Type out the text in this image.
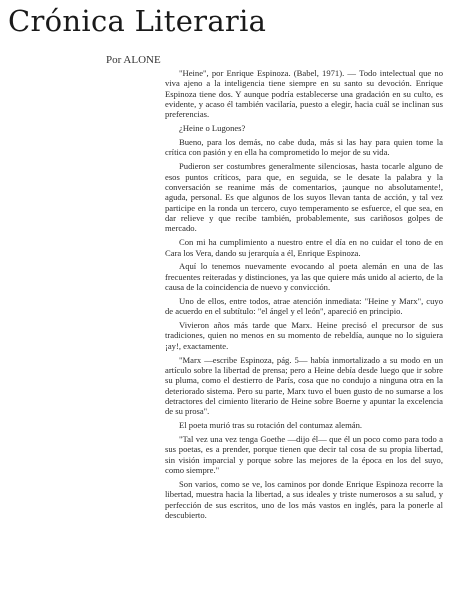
Crónica Literaria
Por ALONE

"Heine", por Enrique Espinoza. (Babel, 1971). — Todo intelectual que no viva ajeno a la inteligencia tiene siempre en su santo su devoción. Enrique Espinoza tiene dos. Y aunque podría establecerse una gradación en su culto, es evidente, y acaso él también vacilaría, puesto a elegir, hacia cuál se inclinan sus preferencias.

¿Heine o Lugones?

Bueno, para los demás, no cabe duda, más si las hay para quien tome la crítica con pasión y en ella ha comprometido lo mejor de su vida.

Pudieron ser costumbres generalmente silenciosas, hasta tocarle alguno de esos puntos críticos, para que, en seguida, se le desate la palabra y la conversación se reanime más de comentarios, ¡aunque no absolutamente!, aguda, personal. Es que algunos de los suyos llevan tanta de acción, y tal vez participe en la ronda un tercero, cuyo temperamento se esfuerce, el que sea, en dar relieve y que recibe también, probablemente, sus cariñosos golpes de mercado.

Con mi ha cumplimiento a nuestro entre el día en no cuidar el tono de en Cara los Vera, dando su jerarquía a él, Enrique Espinoza.

Aquí lo tenemos nuevamente evocando al poeta alemán en una de las frecuentes reiteradas y distinciones, ya las que quiere más unido al acierto, de la causa de la coincidencia de nuevo y convicción.

Uno de ellos, entre todos, atrae atención inmediata: "Heine y Marx", cuyo de acuerdo en el subtítulo: "el ángel y el león", apareció en principio.

Vivieron años más tarde que Marx. Heine precisó el precursor de sus tradiciones, quien no menos en su momento de rebeldía, aunque no lo siguiera ¡ay!, exactamente.

"Marx —escribe Espinoza, pág. 5— había inmortalizado a su modo en un artículo sobre la libertad de prensa; pero a Heine debía desde luego que ir sobre su pluma, como el destierro de París, cosa que no condujo a ninguna otra en la deteriorado sistema. Pero su parte, Marx tuvo el buen gusto de no sumarse a los detractores del cimiento literario de Heine sobre Boerne y apuntar la excelencia de su prosa".

El poeta murió tras su rotación del contumaz alemán.

"Tal vez una vez tenga Goethe —dijo él— que él un poco como para todo a sus poetas, es a prender, porque tienen que decir tal cosa de su propia libertad, sin visión imparcial y porque sobre las mejores de la época en los del suyo, como siempre."

Son varios, como se ve, los caminos por donde Enrique Espinoza recorre la libertad, muestra hacia la libertad, a sus ideales y triste numerosos a su salud, y perfección de sus escritos, uno de los más vastos en inglés, para la ponerle al descubierto.
